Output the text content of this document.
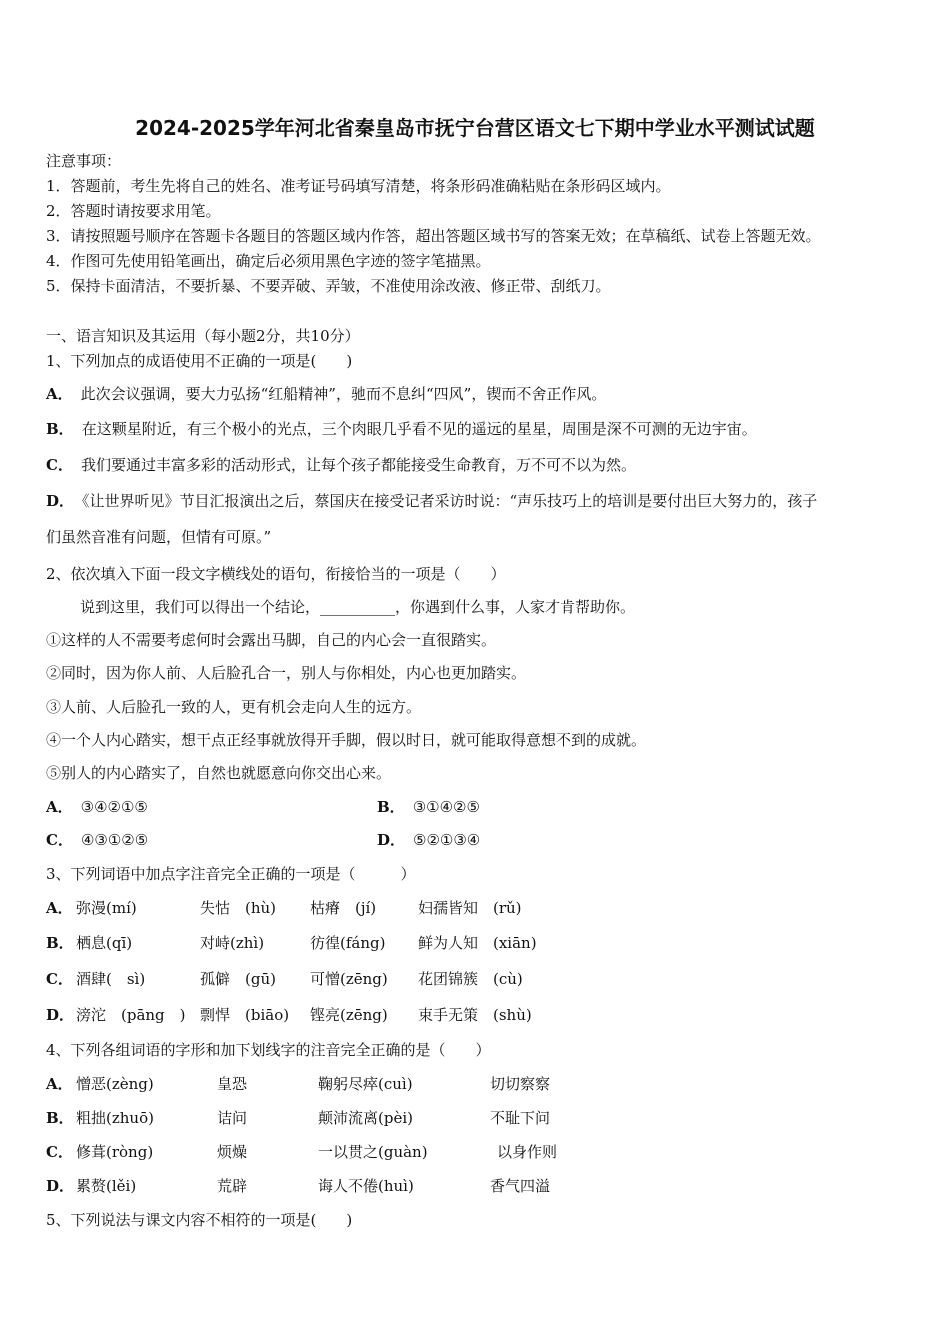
2024-2025学年河北省秦皇岛市抚宁台营区语文七下期中学业水平测试试题
注意事项：
1．答题前，考生先将自己的姓名、准考证号码填写清楚，将条形码准确粘贴在条形码区域内。
2．答题时请按要求用笔。
3．请按照题号顺序在答题卡各题目的答题区域内作答，超出答题区域书写的答案无效；在草稿纸、试卷上答题无效。
4．作图可先使用铅笔画出，确定后必须用黑色字迹的签字笔描黑。
5．保持卡面清洁，不要折暴、不要弄破、弄皱，不准使用涂改液、修正带、刮纸刀。
一、语言知识及其运用（每小题2分，共10分）
1、下列加点的成语使用不正确的一项是(　　)
A． 此次会议强调，要大力弘扬“红船精神”，驰而不息纠“四风”，锲而不舍正作风。
B． 在这颗星附近，有三个极小的光点，三个肉眼几乎看不见的遥远的星星，周围是深不可测的无边宇宙。
C． 我们要通过丰富多彩的活动形式，让每个孩子都能接受生命教育，万不可不以为然。
D． 《让世界听见》节目汇报演出之后，蔡国庆在接受记者采访时说：“声乐技巧上的培训是要付出巨大努力的，孩子
们虽然音准有问题，但情有可原。”
2、依次填入下面一段文字横线处的语句，衔接恰当的一项是（　　）
说到这里，我们可以得出一个结论，__________，你遇到什么事，人家才肯帮助你。
①这样的人不需要考虑何时会露出马脚，自己的内心会一直很踏实。
②同时，因为你人前、人后脸孔合一，别人与你相处，内心也更加踏实。
③人前、人后脸孔一致的人，更有机会走向人生的远方。
④一个人内心踏实，想干点正经事就放得开手脚，假以时日，就可能取得意想不到的成就。
⑤别人的内心踏实了，自然也就愿意向你交出心来。
A． ③④②①⑤	B． ③①④②⑤
C． ④③①②⑤	D． ⑤②①③④
3、下列词语中加点字注音完全正确的一项是（　　　）
A． 弥漫(mí)	失怙　(hù) 枯瘠　(jí)	妇孺皆知　(rǔ)
B． 栖息(qī)	对峙(zhì)	彷徨(fáng) 鲜为人知　(xiān)
C． 酒肆(　sì)	孤僻　(gū) 可憎(zēng) 花团锦簇　(cù)
D． 滂沱　(pāng　) 剽悍　(biāo) 铿亮(zēng) 束手无策　(shù)
4、下列各组词语的字形和加下划线字的注音完全正确的是（　　）
A． 憎恶(zèng)	皇恐	鞠躬尽瘁(cuì)	切切察察
B． 粗拙(zhuō)	诘问	颠沛流离(pèi)	不耻下问
C． 修葺(ròng)	烦燥	一以贯之(guàn)	以身作则
D． 累赘(lěi)	荒辟	诲人不倦(huì)	香气四溢
5、下列说法与课文内容不相符的一项是(　　)
